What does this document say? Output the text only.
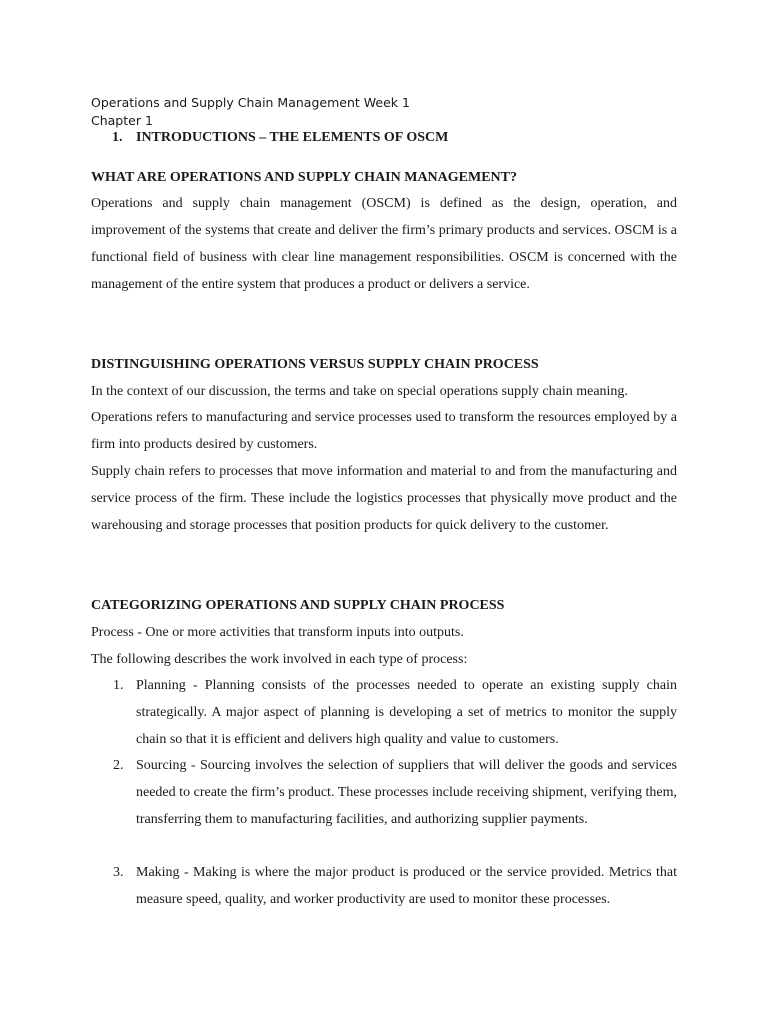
Operations and Supply Chain Management Week 1
Chapter 1
1. INTRODUCTIONS – THE ELEMENTS OF OSCM
WHAT ARE OPERATIONS AND SUPPLY CHAIN MANAGEMENT?

Operations and supply chain management (OSCM) is defined as the design, operation, and improvement of the systems that create and deliver the firm’s primary products and services. OSCM is a functional field of business with clear line management responsibilities. OSCM is concerned with the management of the entire system that produces a product or delivers a service.

DISTINGUISHING OPERATIONS VERSUS SUPPLY CHAIN PROCESS
In the context of our discussion, the terms and take on special operations supply chain meaning.

Operations refers to manufacturing and service processes used to transform the resources employed by a firm into products desired by customers.

Supply chain refers to processes that move information and material to and from the manufacturing and service process of the firm. These include the logistics processes that physically move product and the warehousing and storage processes that position products for quick delivery to the customer.

CATEGORIZING OPERATIONS AND SUPPLY CHAIN PROCESS
Process - One or more activities that transform inputs into outputs.
The following describes the work involved in each type of process:
1. Planning - Planning consists of the processes needed to operate an existing supply chain strategically. A major aspect of planning is developing a set of metrics to monitor the supply chain so that it is efficient and delivers high quality and value to customers.
2. Sourcing - Sourcing involves the selection of suppliers that will deliver the goods and services needed to create the firm’s product. These processes include receiving shipment, verifying them, transferring them to manufacturing facilities, and authorizing supplier payments.
3. Making - Making is where the major product is produced or the service provided. Metrics that measure speed, quality, and worker productivity are used to monitor these processes.
